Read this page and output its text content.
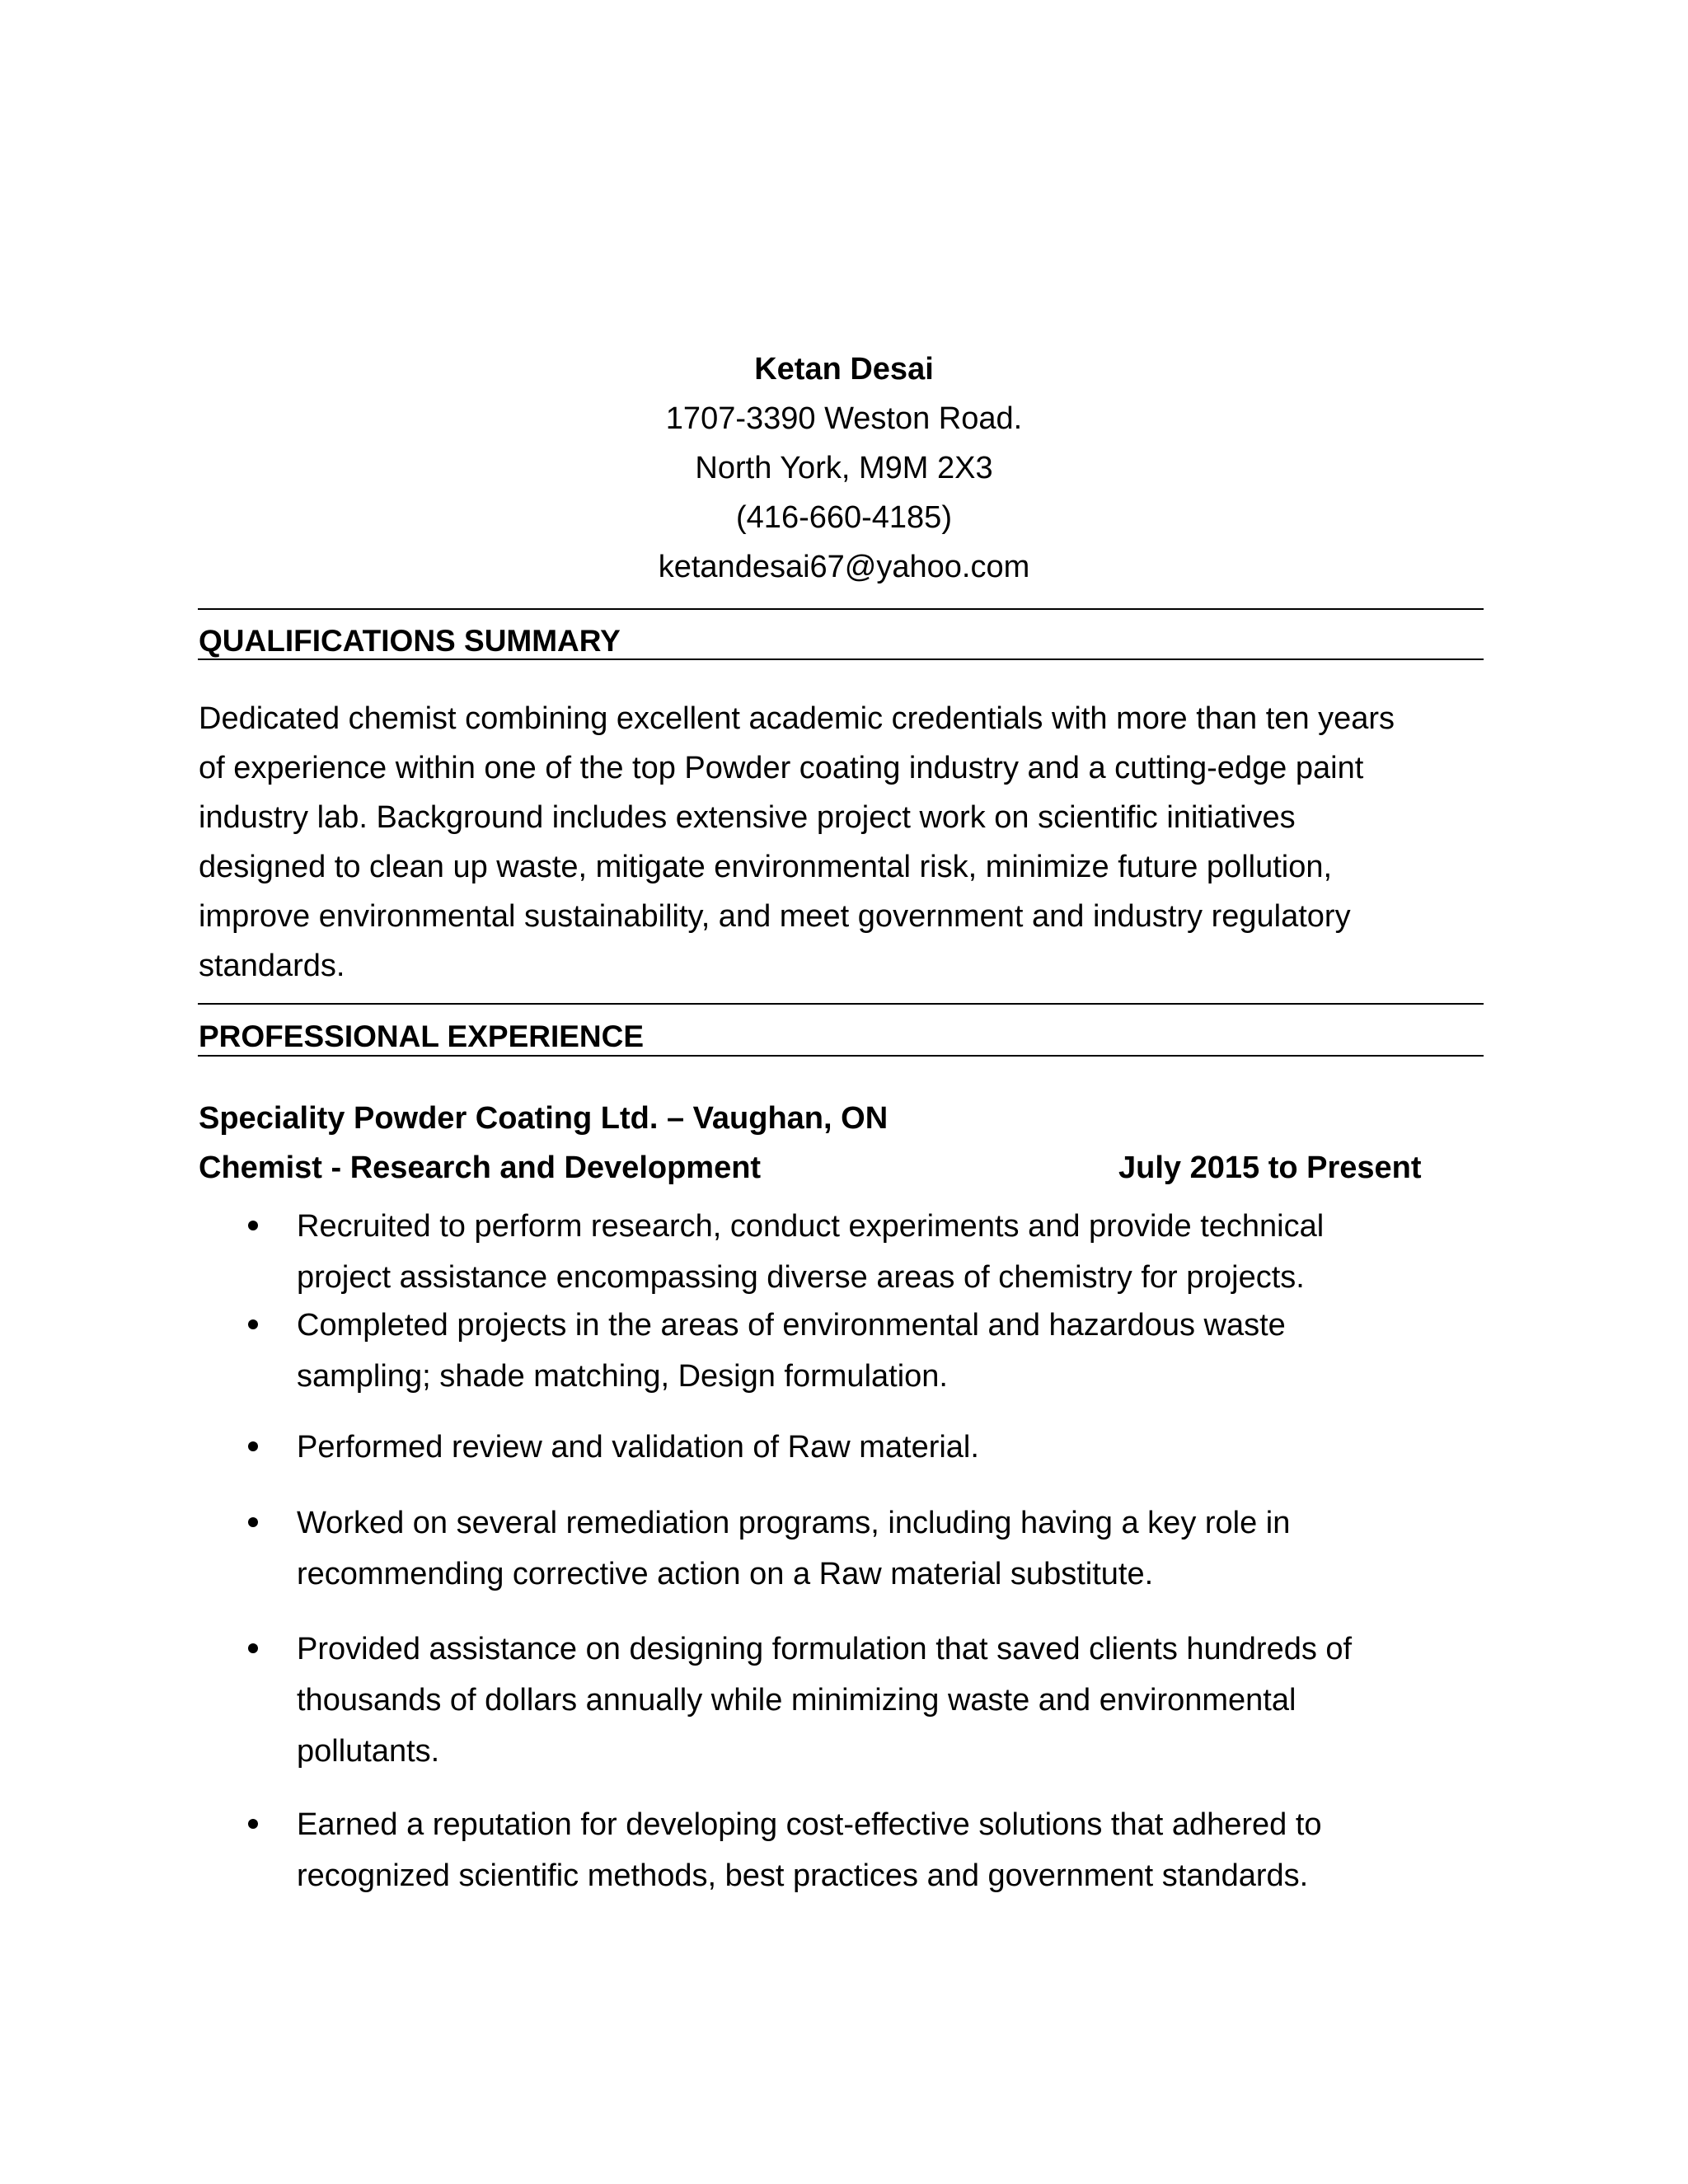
Ketan Desai
1707-3390 Weston Road.
North York, M9M 2X3
(416-660-4185)
ketandesai67@yahoo.com
QUALIFICATIONS SUMMARY
Dedicated chemist combining excellent academic credentials with more than ten years
of experience within one of the top Powder coating industry and a cutting-edge paint
industry lab. Background includes extensive project work on scientific initiatives
designed to clean up waste, mitigate environmental risk, minimize future pollution,
improve environmental sustainability, and meet government and industry regulatory
standards.
PROFESSIONAL EXPERIENCE
Speciality Powder Coating Ltd. – Vaughan, ON
Chemist - Research and Development	July 2015 to Present
Recruited to perform research, conduct experiments and provide technical
project assistance encompassing diverse areas of chemistry for projects.
Completed projects in the areas of environmental and hazardous waste
sampling; shade matching, Design formulation.
Performed review and validation of Raw material.
Worked on several remediation programs, including having a key role in
recommending corrective action on a Raw material substitute.
Provided assistance on designing formulation that saved clients hundreds of
thousands of dollars annually while minimizing waste and environmental
pollutants.
Earned a reputation for developing cost-effective solutions that adhered to
recognized scientific methods, best practices and government standards.
